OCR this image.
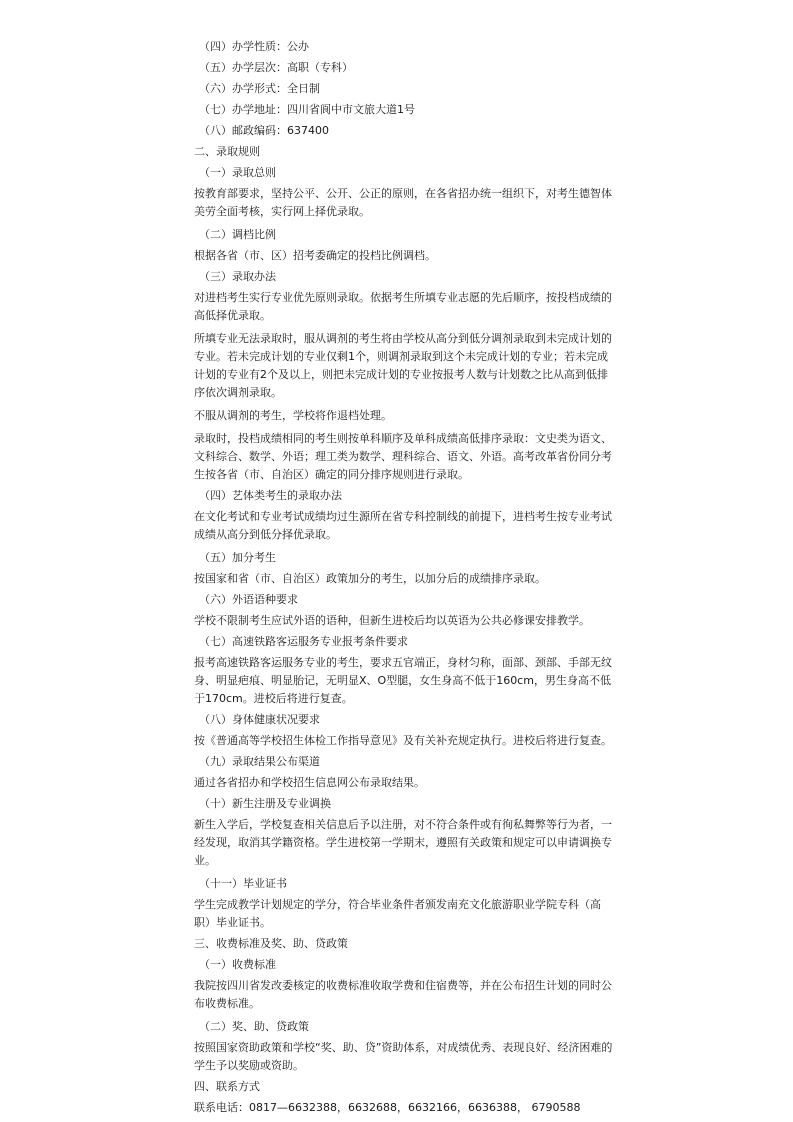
（四）办学性质：公办

（五）办学层次：高职（专科）

（六）办学形式：全日制

（七）办学地址：四川省阆中市文旅大道1号

（八）邮政编码：637400

二、录取规则

（一）录取总则

按教育部要求，坚持公平、公开、公正的原则，在各省招办统一组织下，对考生德智体美劳全面考核，实行网上择优录取。

（二）调档比例

根据各省（市、区）招考委确定的投档比例调档。

（三）录取办法

对进档考生实行专业优先原则录取。依据考生所填专业志愿的先后顺序，按投档成绩的高低择优录取。

所填专业无法录取时，服从调剂的考生将由学校从高分到低分调剂录取到未完成计划的专业。若未完成计划的专业仅剩1个，则调剂录取到这个未完成计划的专业；若未完成计划的专业有2个及以上，则把未完成计划的专业按报考人数与计划数之比从高到低排序依次调剂录取。

不服从调剂的考生，学校将作退档处理。

录取时，投档成绩相同的考生则按单科顺序及单科成绩高低排序录取：文史类为语文、文科综合、数学、外语；理工类为数学、理科综合、语文、外语。高考改革省份同分考生按各省（市、自治区）确定的同分排序规则进行录取。

（四）艺体类考生的录取办法

在文化考试和专业考试成绩均过生源所在省专科控制线的前提下，进档考生按专业考试成绩从高分到低分择优录取。

（五）加分考生

按国家和省（市、自治区）政策加分的考生，以加分后的成绩排序录取。

（六）外语语种要求

学校不限制考生应试外语的语种，但新生进校后均以英语为公共必修课安排教学。

（七）高速铁路客运服务专业报考条件要求

报考高速铁路客运服务专业的考生，要求五官端正，身材匀称，面部、颈部、手部无纹身、明显疤痕、明显胎记，无明显X、O型腿，女生身高不低于160cm，男生身高不低于170cm。进校后将进行复查。

（八）身体健康状况要求

按《普通高等学校招生体检工作指导意见》及有关补充规定执行。进校后将进行复查。

（九）录取结果公布渠道

通过各省招办和学校招生信息网公布录取结果。

（十）新生注册及专业调换

新生入学后，学校复查相关信息后予以注册，对不符合条件或有徇私舞弊等行为者，一经发现，取消其学籍资格。学生进校第一学期末，遵照有关政策和规定可以申请调换专业。

（十一）毕业证书

学生完成教学计划规定的学分，符合毕业条件者颁发南充文化旅游职业学院专科（高职）毕业证书。

三、收费标准及奖、助、贷政策

（一）收费标准

我院按四川省发改委核定的收费标准收取学费和住宿费等，并在公布招生计划的同时公布收费标准。

（二）奖、助、贷政策

按照国家资助政策和学校“奖、助、贷”资助体系，对成绩优秀、表现良好、经济困难的学生予以奖励或资助。

四、联系方式

联系电话：0817—6632388，6632688，6632166，6636388， 6790588
